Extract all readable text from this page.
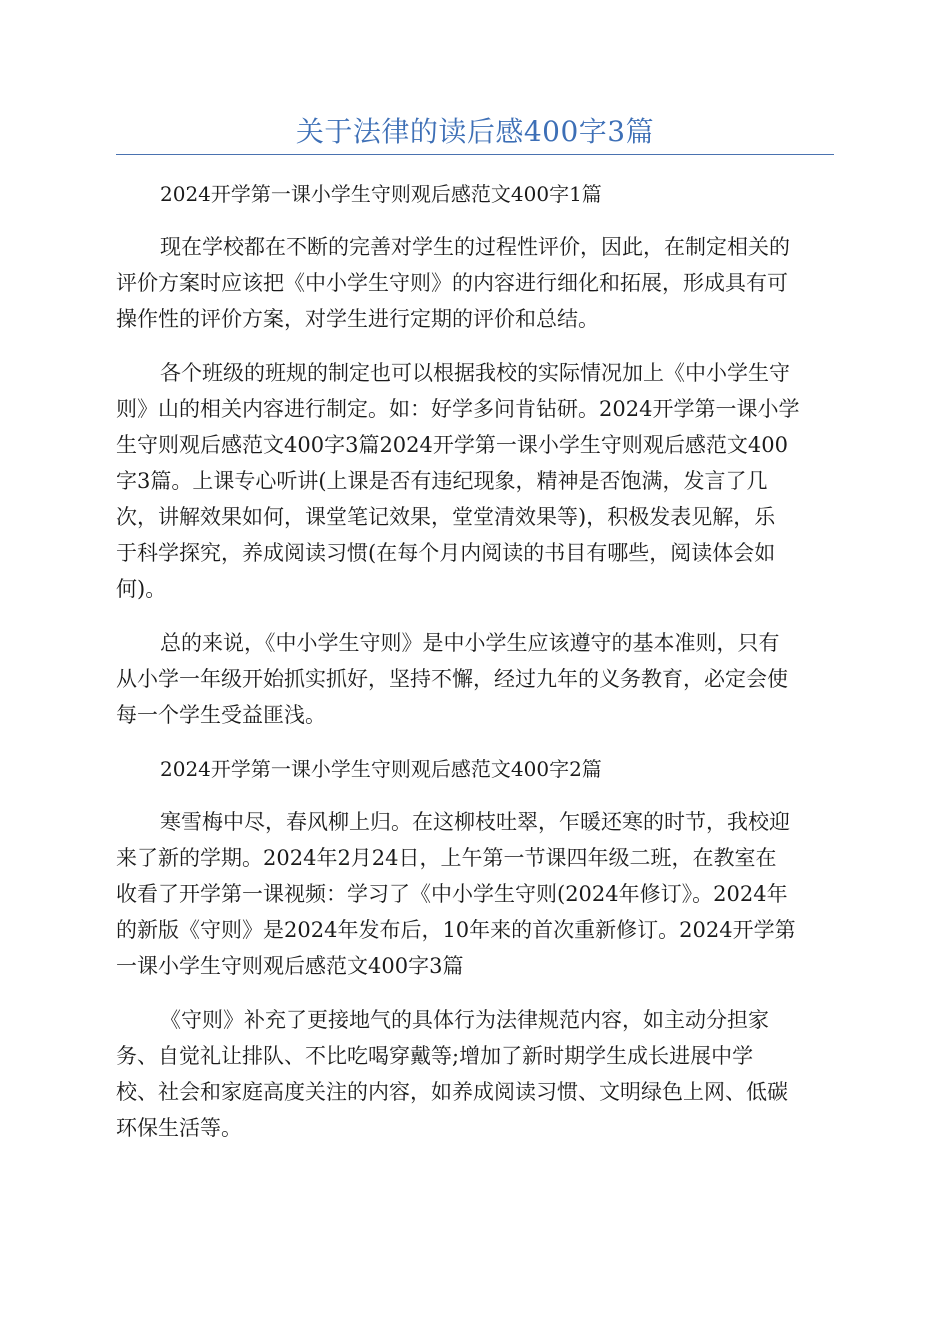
关于法律的读后感400字3篇
2024开学第一课小学生守则观后感范文400字1篇
现在学校都在不断的完善对学生的过程性评价，因此，在制定相关的
评价方案时应该把《中小学生守则》的内容进行细化和拓展，形成具有可
操作性的评价方案，对学生进行定期的评价和总结。
各个班级的班规的制定也可以根据我校的实际情况加上《中小学生守
则》山的相关内容进行制定。如：好学多问肯钻研。2024开学第一课小学
生守则观后感范文400字3篇2024开学第一课小学生守则观后感范文400
字3篇。上课专心听讲(上课是否有违纪现象，精神是否饱满，发言了几
次，讲解效果如何，课堂笔记效果，堂堂清效果等)，积极发表见解，乐
于科学探究，养成阅读习惯(在每个月内阅读的书目有哪些，阅读体会如
何)。
总的来说，《中小学生守则》是中小学生应该遵守的基本准则，只有
从小学一年级开始抓实抓好，坚持不懈，经过九年的义务教育，必定会使
每一个学生受益匪浅。
2024开学第一课小学生守则观后感范文400字2篇
寒雪梅中尽，春风柳上归。在这柳枝吐翠，乍暖还寒的时节，我校迎
来了新的学期。2024年2月24日，上午第一节课四年级二班，在教室在
收看了开学第一课视频：学习了《中小学生守则(2024年修订》。2024年
的新版《守则》是2024年发布后，10年来的首次重新修订。2024开学第
一课小学生守则观后感范文400字3篇
《守则》补充了更接地气的具体行为法律规范内容，如主动分担家
务、自觉礼让排队、不比吃喝穿戴等;增加了新时期学生成长进展中学
校、社会和家庭高度关注的内容，如养成阅读习惯、文明绿色上网、低碳
环保生活等。
